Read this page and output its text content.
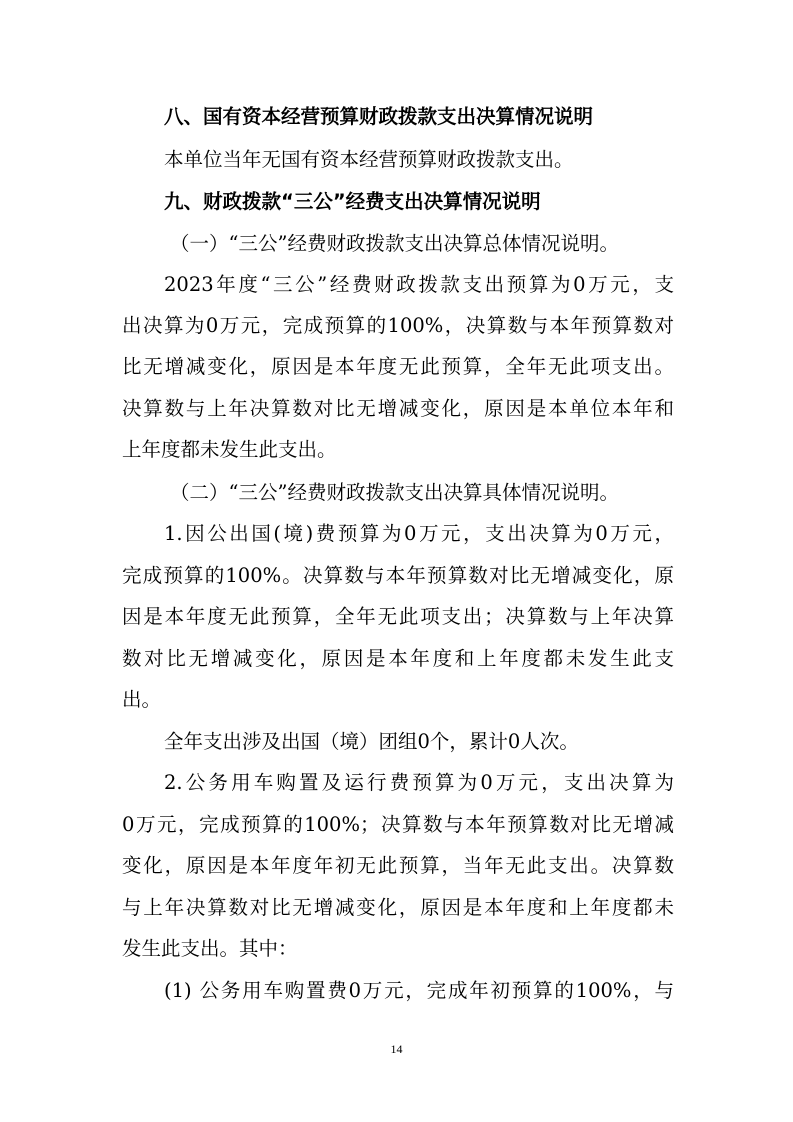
八、国有资本经营预算财政拨款支出决算情况说明
本单位当年无国有资本经营预算财政拨款支出。
九、财政拨款“三公”经费支出决算情况说明
（一）“三公”经费财政拨款支出决算总体情况说明。
2023年度“三公”经费财政拨款支出预算为0万元，支
出决算为0万元，完成预算的100%，决算数与本年预算数对
比无增减变化，原因是本年度无此预算，全年无此项支出。
决算数与上年决算数对比无增减变化，原因是本单位本年和
上年度都未发生此支出。
（二）“三公”经费财政拨款支出决算具体情况说明。
1.因公出国(境)费预算为0万元，支出决算为0万元，
完成预算的100%。决算数与本年预算数对比无增减变化，原
因是本年度无此预算，全年无此项支出；决算数与上年决算
数对比无增减变化，原因是本年度和上年度都未发生此支
出。
全年支出涉及出国（境）团组0个，累计0人次。
2.公务用车购置及运行费预算为0万元，支出决算为
0万元，完成预算的100%；决算数与本年预算数对比无增减
变化，原因是本年度年初无此预算，当年无此支出。决算数
与上年决算数对比无增减变化，原因是本年度和上年度都未
发生此支出。其中：
(1) 公务用车购置费0万元，完成年初预算的100%，与
14
